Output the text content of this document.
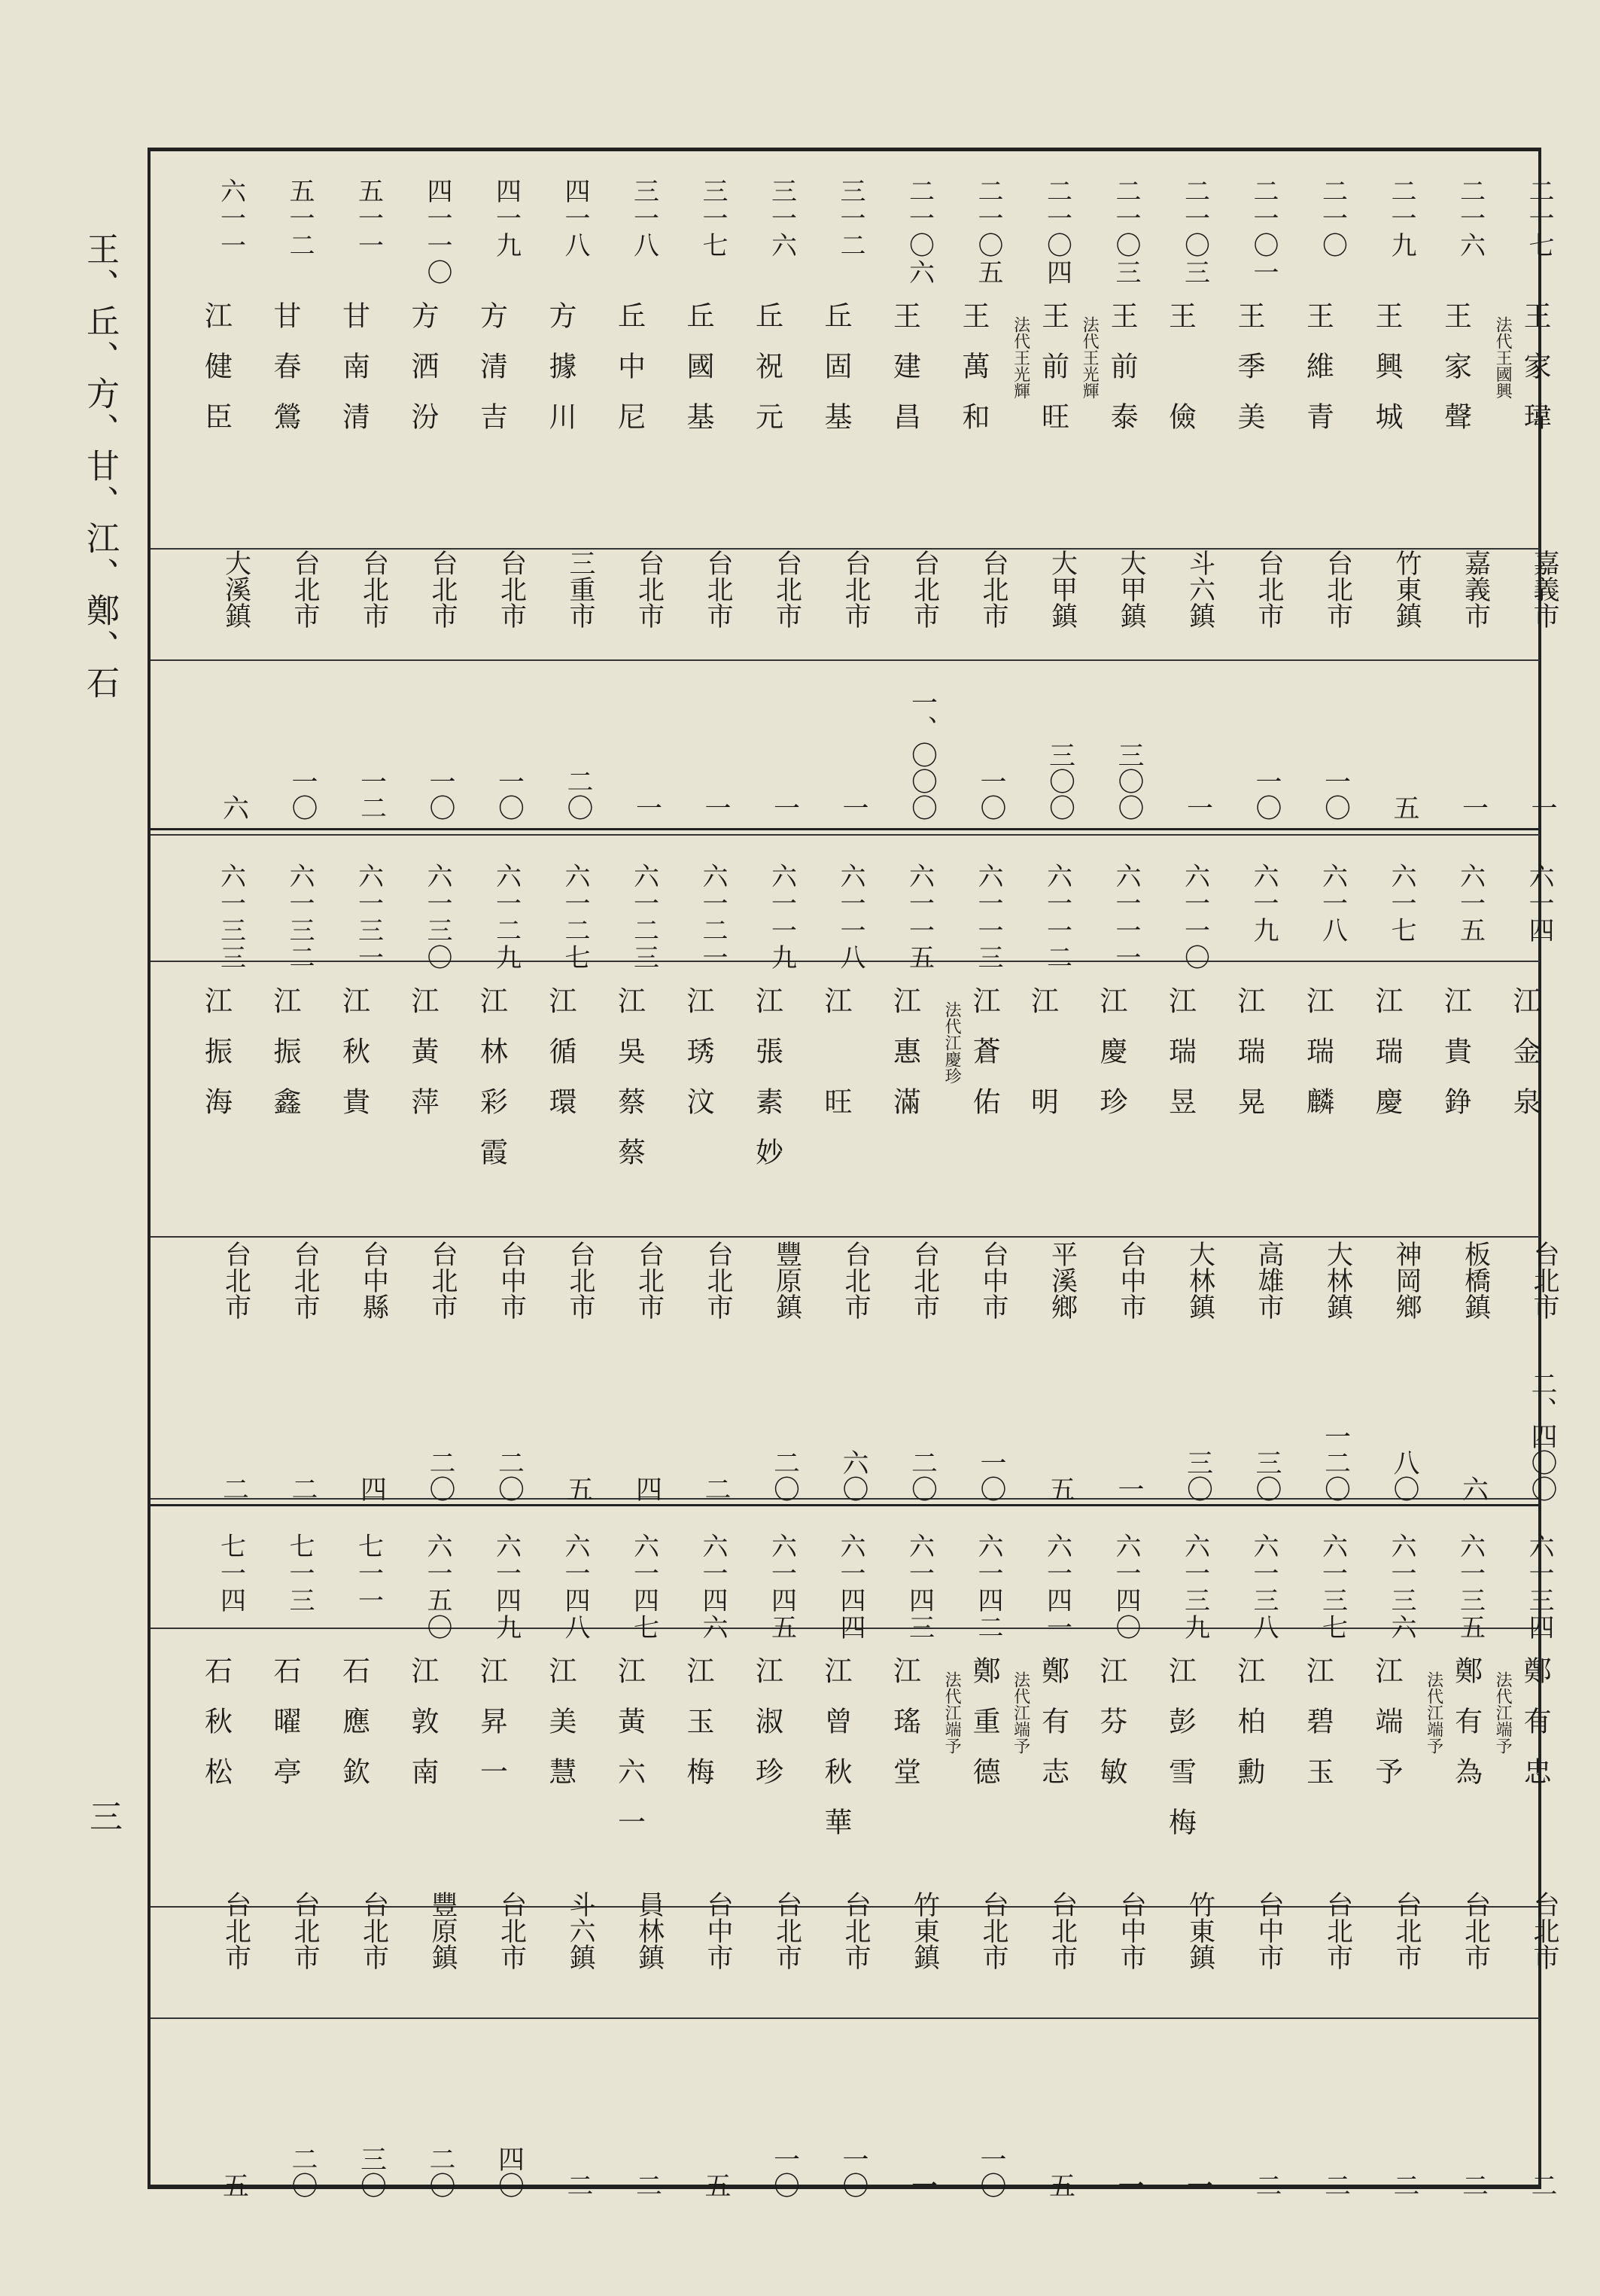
王、丘、方、甘、江、鄭、石
三
二一七
王家瑋
法代王國興
嘉義市
一
二一六
王家聲
嘉義市
一
二一九
王興城
竹東鎮
五
二一〇
王維青
台北市
一〇
二一〇一
王季美
台北市
一〇
二一〇三
王　儉
斗六鎮
一
二一〇三
王前泰
法代王光輝
大甲鎮
三〇〇
二一〇四
王前旺
法代王光輝
大甲鎮
三〇〇
二一〇五
王萬和
台北市
一〇
二一〇六
王建昌
台北市
一、〇〇〇
三一二
丘固基
台北市
一
三一六
丘祝元
台北市
一
三一七
丘國基
台北市
一
三一八
丘中尼
台北市
一
四一八
方據川
三重市
二〇
四一九
方清吉
台北市
一〇
四一一〇
方洒汾
台北市
一〇
五一一
甘南清
台北市
一二
五一二
甘春鶯
台北市
一〇
六一一
江健臣
大溪鎮
六
六一四
江金泉
台北市
二、四〇〇
六一五
江貴錚
板橋鎮
六
六一七
江瑞慶
神岡鄉
八〇
六一八
江瑞麟
大林鎮
一二〇
六一九
江瑞晃
高雄市
三〇
六一一〇
江瑞昱
大林鎮
三〇
六一一一
江慶珍
台中市
一
六一一二
江　明
平溪鄉
五
六一一三
江蒼佑
法代江慶珍
台中市
一〇
六一一五
江惠滿
台北市
二〇
六一一八
江　旺
台北市
六〇
六一一九
江張素妙
豐原鎮
二〇
六一二一
江琇汶
台北市
二
六一二三
江吳蔡蔡
台北市
四
六一二七
江循環
台北市
五
六一二九
江林彩霞
台中市
二〇
六一三〇
江黃萍
台北市
二〇
六一三一
江秋貴
台中縣
四
六一三二
江振鑫
台北市
二
六一三三
江振海
台北市
二
六一三四
鄭有忠
法代江端予
台北市
二
六一三五
鄭有為
法代江端予
台北市
二
六一三六
江端予
台北市
二
六一三七
江碧玉
台北市
二
六一三八
江柏勳
台中市
二
六一三九
江彭雪梅
竹東鎮
一
六一四〇
江芬敏
台中市
一
六一四一
鄭有志
法代江端予
台北市
五
六一四二
鄭重德
法代江端予
台北市
一〇
六一四三
江瑤堂
竹東鎮
一
六一四四
江曾秋華
台北市
一〇
六一四五
江淑珍
台北市
一〇
六一四六
江玉梅
台中市
五
六一四七
江黃六一
員林鎮
二
六一四八
江美慧
斗六鎮
二
六一四九
江昇一
台北市
四〇
六一五〇
江敦南
豐原鎮
二〇
七一一
石應欽
台北市
三〇
七一三
石曜亭
台北市
二〇
七一四
石秋松
台北市
五
